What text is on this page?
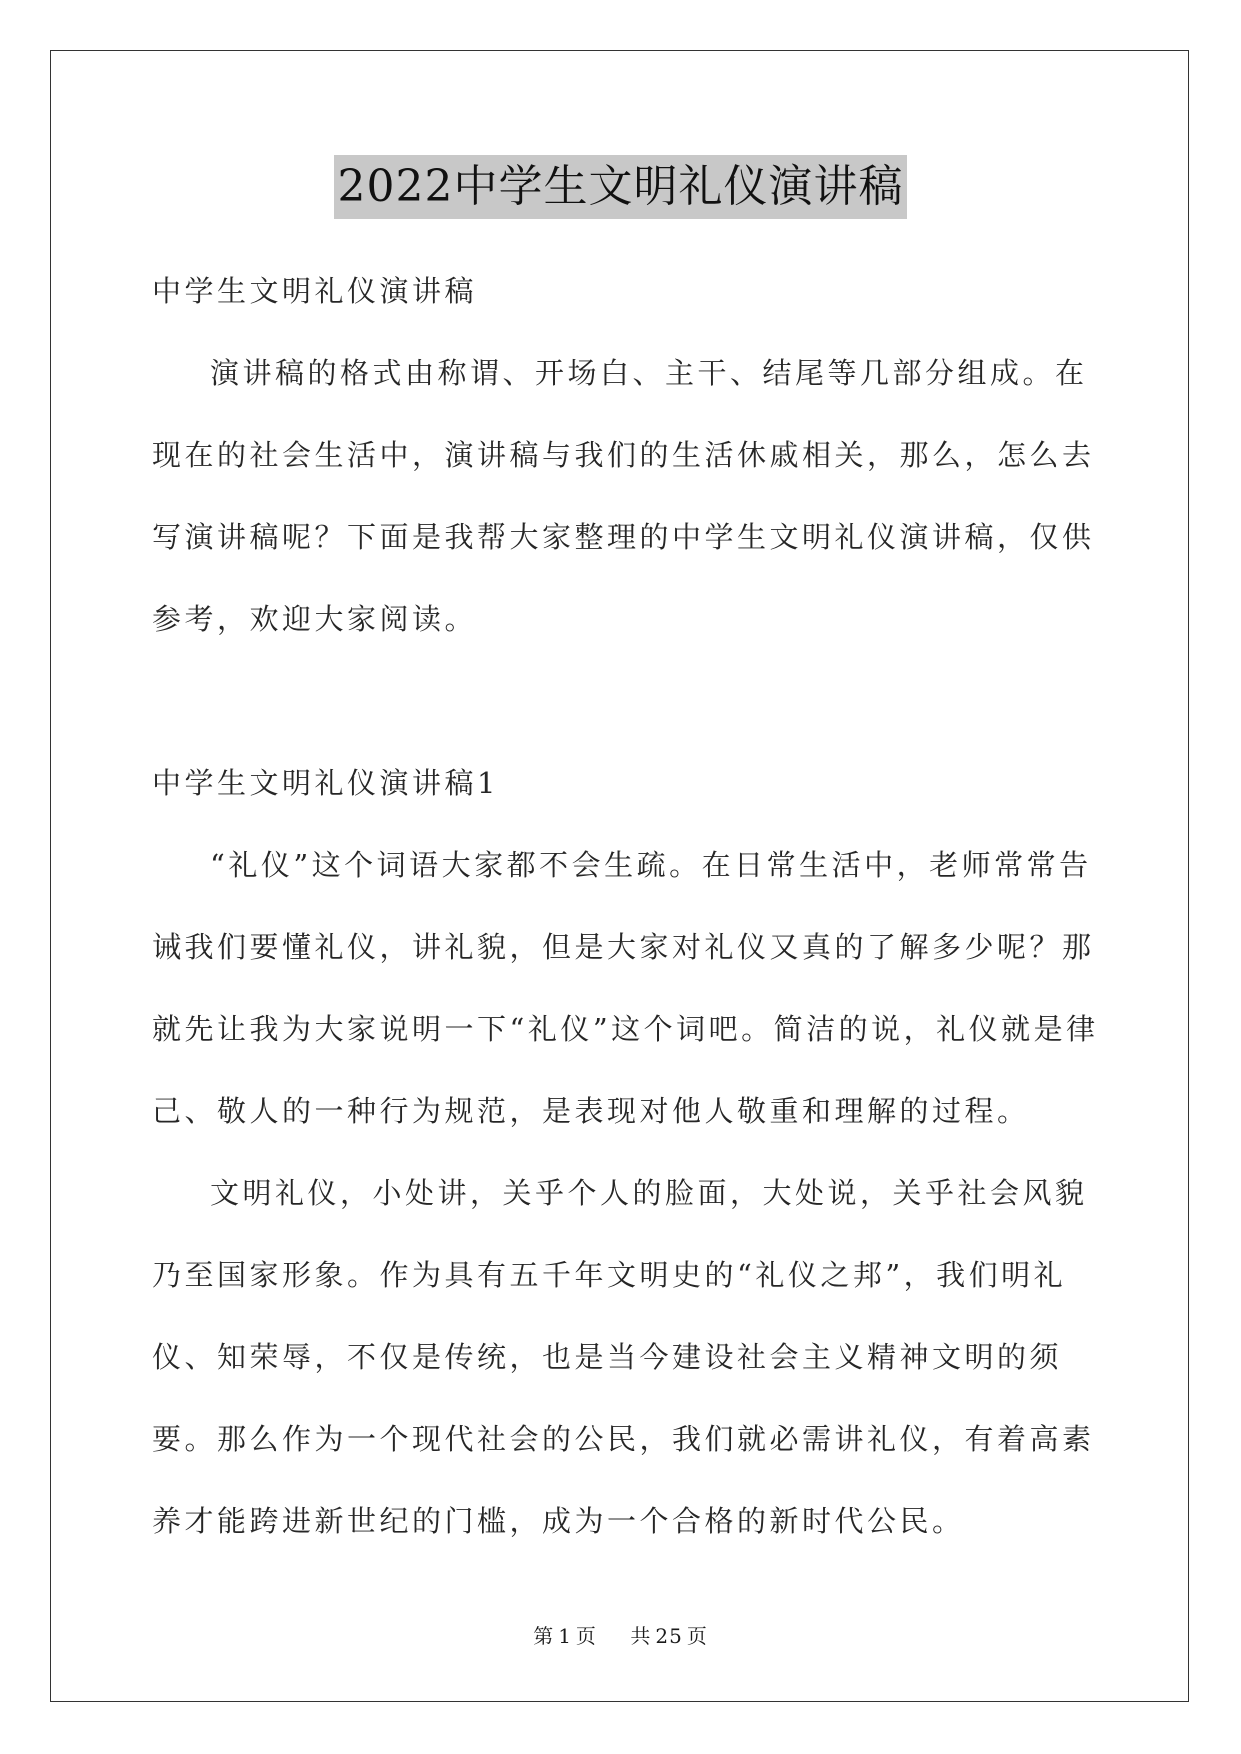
2022中学生文明礼仪演讲稿

中学生文明礼仪演讲稿

演讲稿的格式由称谓、开场白、主干、结尾等几部分组成。在现在的社会生活中，演讲稿与我们的生活休戚相关，那么，怎么去写演讲稿呢？下面是我帮大家整理的中学生文明礼仪演讲稿，仅供参考，欢迎大家阅读。

中学生文明礼仪演讲稿1

“礼仪”这个词语大家都不会生疏。在日常生活中，老师常常告诫我们要懂礼仪，讲礼貌，但是大家对礼仪又真的了解多少呢？那就先让我为大家说明一下“礼仪”这个词吧。简洁的说，礼仪就是律己、敬人的一种行为规范，是表现对他人敬重和理解的过程。

文明礼仪，小处讲，关乎个人的脸面，大处说，关乎社会风貌乃至国家形象。作为具有五千年文明史的“礼仪之邦”，我们明礼仪、知荣辱，不仅是传统，也是当今建设社会主义精神文明的须要。那么作为一个现代社会的公民，我们就必需讲礼仪，有着高素养才能跨进新世纪的门槛，成为一个合格的新时代公民。

第 1 页 共 25 页
